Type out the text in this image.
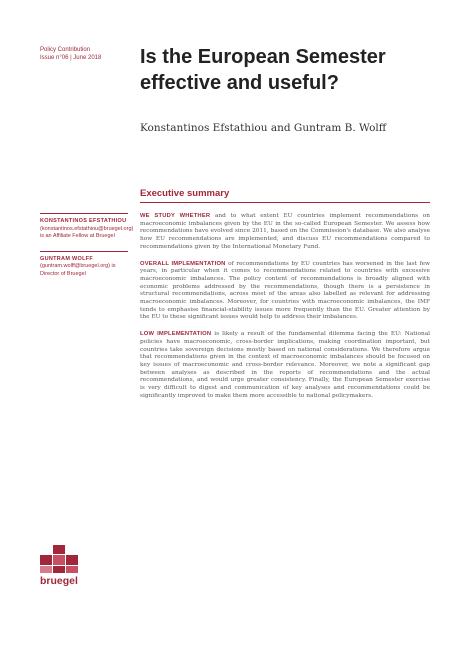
Policy Contribution
Issue n°06 | June 2018	Is the European Semester effective and useful?
Konstantinos Efstathiou and Guntram B. Wolff
Executive summary
KONSTANTINOS EFSTATHIOU (konstantinos.efstathiou@bruegel.org) is an Affiliate Fellow at Bruegel
GUNTRAM WOLFF (guntram.wolff@bruegel.org) is Director of Bruegel

WE STUDY WHETHER and to what extent EU countries implement recommendations on macroeconomic imbalances given by the EU in the so-called European Semester. We assess how recommendations have evolved since 2011, based on the Commission's database. We also analyse how EU recommendations are implemented, and discuss EU recommendations compared to recommendations given by the International Monetary Fund.

OVERALL IMPLEMENTATION of recommendations by EU countries has worsened in the last few years, in particular when it comes to recommendations related to countries with excessive macroeconomic imbalances. The policy content of recommendations is broadly aligned with economic problems addressed by the recommendations, though there is a persistence in structural recommendations, across most of the areas also labelled as relevant for addressing macroeconomic imbalances. Moreover, for countries with macroeconomic imbalances, the IMF tends to emphasise financial-stability issues more frequently than the EU. Greater attention by the EU to these significant issues would help to address their imbalances.

LOW IMPLEMENTATION is likely a result of the fundamental dilemma facing the EU: National policies have macroeconomic, cross-border implications, making coordination important, but countries take sovereign decisions mostly based on national considerations. We therefore argue that recommendations given in the context of macroeconomic imbalances should be focused on key issues of macroeconomic and cross-border relevance. Moreover, we note a significant gap between analyses as described in the reports of recommendations and the actual recommendations, and would urge greater consistency. Finally, the European Semester exercise is very difficult to digest and communication of key analyses and recommendations could be significantly improved to make them more accessible to national policymakers.

bruegel
